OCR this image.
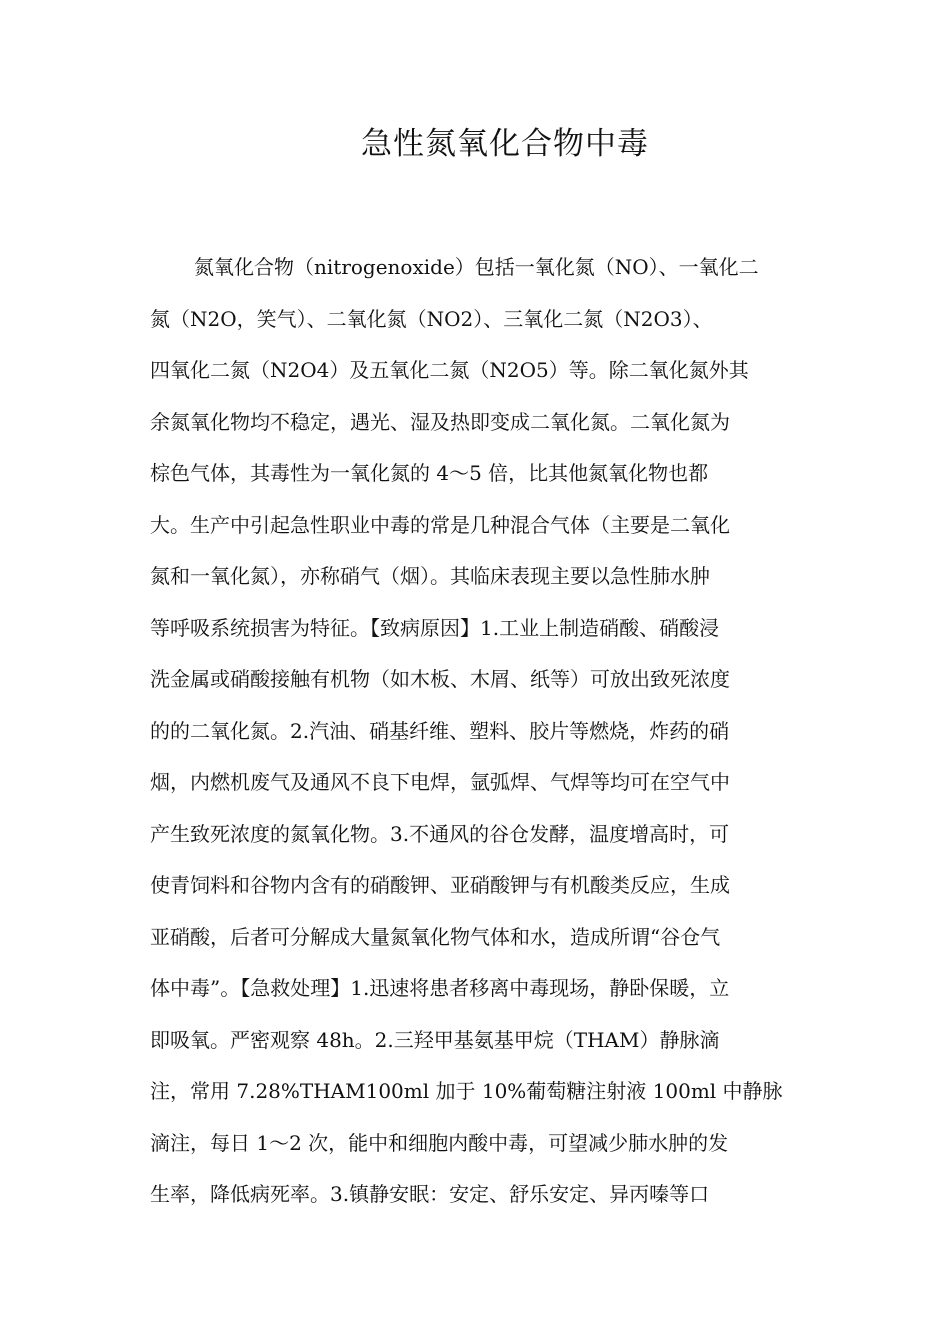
急性氮氧化合物中毒
氮氧化合物（nitrogenoxide）包括一氧化氮（NO）、一氧化二
氮（N2O，笑气）、二氧化氮（NO2）、三氧化二氮（N2O3）、
四氧化二氮（N2O4）及五氧化二氮（N2O5）等。除二氧化氮外其
余氮氧化物均不稳定，遇光、湿及热即变成二氧化氮。二氧化氮为
棕色气体，其毒性为一氧化氮的 4～5 倍，比其他氮氧化物也都
大。生产中引起急性职业中毒的常是几种混合气体（主要是二氧化
氮和一氧化氮），亦称硝气（烟）。其临床表现主要以急性肺水肿
等呼吸系统损害为特征。【致病原因】1.工业上制造硝酸、硝酸浸
洗金属或硝酸接触有机物（如木板、木屑、纸等）可放出致死浓度
的的二氧化氮。2.汽油、硝基纤维、塑料、胶片等燃烧，炸药的硝
烟，内燃机废气及通风不良下电焊，氩弧焊、气焊等均可在空气中
产生致死浓度的氮氧化物。3.不通风的谷仓发酵，温度增高时，可
使青饲料和谷物内含有的硝酸钾、亚硝酸钾与有机酸类反应，生成
亚硝酸，后者可分解成大量氮氧化物气体和水，造成所谓“谷仓气
体中毒”。【急救处理】1.迅速将患者移离中毒现场，静卧保暖，立
即吸氧。严密观察 48h。2.三羟甲基氨基甲烷（THAM）静脉滴
注，常用 7.28%THAM100ml 加于 10%葡萄糖注射液 100ml 中静脉
滴注，每日 1～2 次，能中和细胞内酸中毒，可望减少肺水肿的发
生率，降低病死率。3.镇静安眠：安定、舒乐安定、异丙嗪等口
